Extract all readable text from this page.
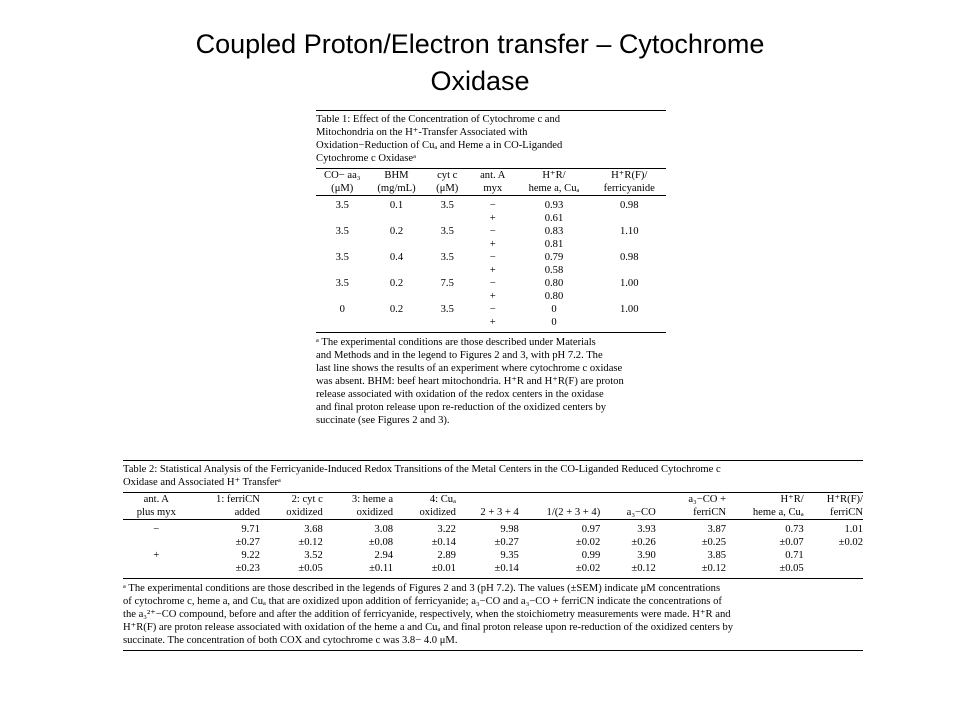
Coupled Proton/Electron transfer – Cytochrome
Oxidase
Table 1: Effect of the Concentration of Cytochrome c and
Mitochondria on the H⁺-Transfer Associated with
Oxidation−Reduction of Cuₐ and Heme a in CO-Liganded
Cytochrome c Oxidaseᵃ
CO− aa₃	BHM	cyt c	ant. A	H⁺R/	H⁺R(F)/
(μM)	(mg/mL)	(μM)	myx	heme a, Cuₐ	ferricyanide

3.5	0.1	3.5	−	0.93	0.98
			+	0.61	
3.5	0.2	3.5	−	0.83	1.10
			+	0.81	
3.5	0.4	3.5	−	0.79	0.98
			+	0.58	
3.5	0.2	7.5	−	0.80	1.00
			+	0.80	
0	0.2	3.5	−	0	1.00
			+	0	
ᵃ The experimental conditions are those described under Materials
and Methods and in the legend to Figures 2 and 3, with pH 7.2. The
last line shows the results of an experiment where cytochrome c oxidase
was absent. BHM: beef heart mitochondria. H⁺R and H⁺R(F) are proton
release associated with oxidation of the redox centers in the oxidase
and final proton release upon re-reduction of the oxidized centers by
succinate (see Figures 2 and 3).
Table 2: Statistical Analysis of the Ferricyanide-Induced Redox Transitions of the Metal Centers in the CO-Liganded Reduced Cytochrome c
Oxidase and Associated H⁺ Transferᵃ
ant. A	1: ferriCN	2: cyt c	3: heme a	4: Cuₐ				a₃−CO +	H⁺R/	H⁺R(F)/
plus myx	added	oxidized	oxidized	oxidized	2 + 3 + 4	1/(2 + 3 + 4)	a₃−CO	ferriCN	heme a, Cuₐ	ferriCN

−	9.71	3.68	3.08	3.22	9.98	0.97	3.93	3.87	0.73	1.01
	±0.27	±0.12	±0.08	±0.14	±0.27	±0.02	±0.26	±0.25	±0.07	±0.02
+	9.22	3.52	2.94	2.89	9.35	0.99	3.90	3.85	0.71	
	±0.23	±0.05	±0.11	±0.01	±0.14	±0.02	±0.12	±0.12	±0.05	
ᵃ The experimental conditions are those described in the legends of Figures 2 and 3 (pH 7.2). The values (±SEM) indicate μM concentrations
of cytochrome c, heme a, and Cuₐ that are oxidized upon addition of ferricyanide; a₃−CO and a₃−CO + ferriCN indicate the concentrations of
the a₃²⁺−CO compound, before and after the addition of ferricyanide, respectively, when the stoichiometry measurements were made. H⁺R and
H⁺R(F) are proton release associated with oxidation of the heme a and Cuₐ and final proton release upon re-reduction of the oxidized centers by
succinate. The concentration of both COX and cytochrome c was 3.8− 4.0 μM.
